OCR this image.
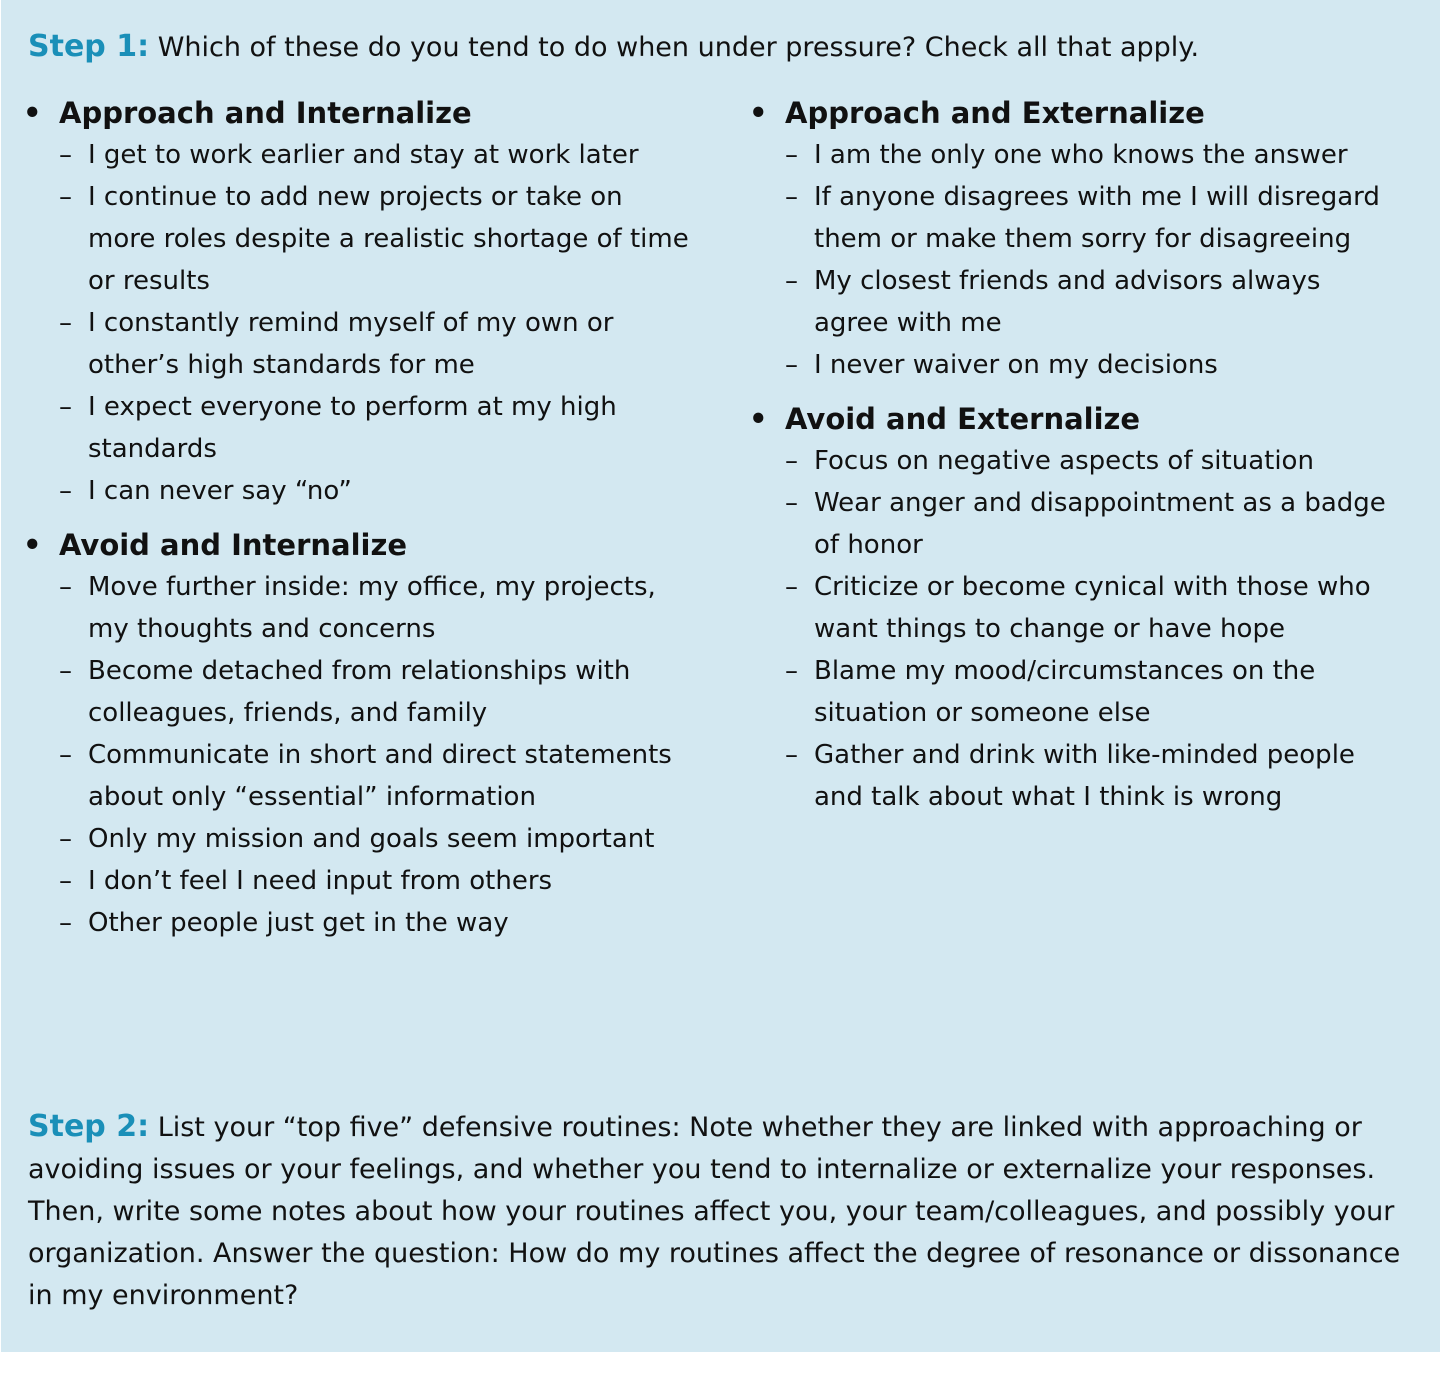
Step 1: Which of these do you tend to do when under pressure? Check all that apply.
• Approach and Internalize
– I get to work earlier and stay at work later
– I continue to add new projects or take on more roles despite a realistic shortage of time or results
– I constantly remind myself of my own or other’s high standards for me
– I expect everyone to perform at my high standards
– I can never say “no”
• Avoid and Internalize
– Move further inside: my office, my projects, my thoughts and concerns
– Become detached from relationships with colleagues, friends, and family
– Communicate in short and direct statements about only “essential” information
– Only my mission and goals seem important
– I don’t feel I need input from others
– Other people just get in the way
• Approach and Externalize
– I am the only one who knows the answer
– If anyone disagrees with me I will disregard them or make them sorry for disagreeing
– My closest friends and advisors always agree with me
– I never waiver on my decisions
• Avoid and Externalize
– Focus on negative aspects of situation
– Wear anger and disappointment as a badge of honor
– Criticize or become cynical with those who want things to change or have hope
– Blame my mood/circumstances on the situation or someone else
– Gather and drink with like-minded people and talk about what I think is wrong
Step 2: List your “top five” defensive routines: Note whether they are linked with approaching or avoiding issues or your feelings, and whether you tend to internalize or externalize your responses. Then, write some notes about how your routines affect you, your team/colleagues, and possibly your organization. Answer the question: How do my routines affect the degree of resonance or dissonance in my environment?
